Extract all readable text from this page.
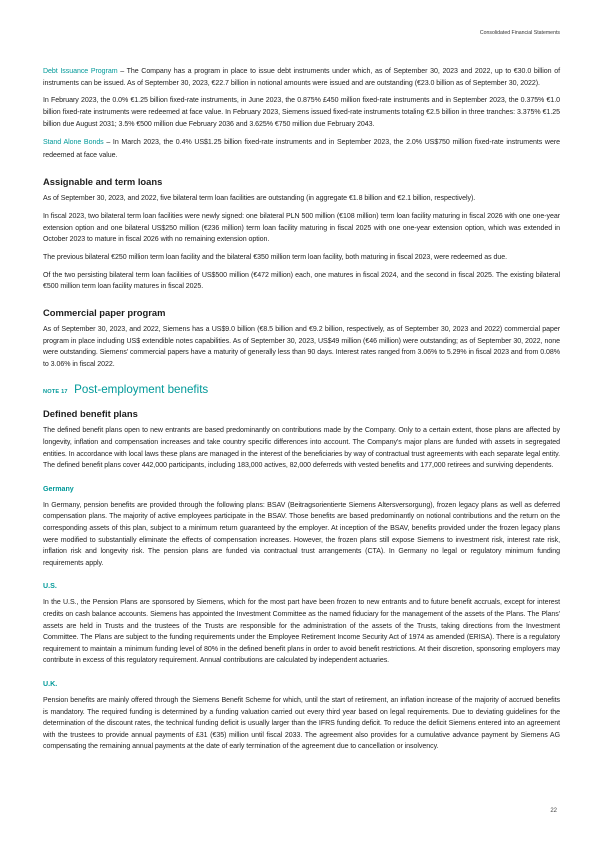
Consolidated Financial Statements

Debt Issuance Program – The Company has a program in place to issue debt instruments under which, as of September 30, 2023 and 2022, up to €30.0 billion of instruments can be issued. As of September 30, 2023, €22.7 billion in notional amounts were issued and are outstanding (€23.0 billion as of September 30, 2022).

In February 2023, the 0.0% €1.25 billion fixed-rate instruments, in June 2023, the 0.875% £450 million fixed-rate instruments and in September 2023, the 0.375% €1.0 billion fixed-rate instruments were redeemed at face value. In February 2023, Siemens issued fixed-rate instruments totaling €2.5 billion in three tranches: 3.375% €1.25 billion due August 2031; 3.5% €500 million due February 2036 and 3.625% €750 million due February 2043.

Stand Alone Bonds – In March 2023, the 0.4% US$1.25 billion fixed-rate instruments and in September 2023, the 2.0% US$750 million fixed-rate instruments were redeemed at face value.

Assignable and term loans

As of September 30, 2023, and 2022, five bilateral term loan facilities are outstanding (in aggregate €1.8 billion and €2.1 billion, respectively).

In fiscal 2023, two bilateral term loan facilities were newly signed: one bilateral PLN 500 million (€108 million) term loan facility maturing in fiscal 2026 with one one-year extension option and one bilateral US$250 million (€236 million) term loan facility maturing in fiscal 2025 with one one-year extension option, which was extended in October 2023 to mature in fiscal 2026 with no remaining extension option.

The previous bilateral €250 million term loan facility and the bilateral €350 million term loan facility, both maturing in fiscal 2023, were redeemed as due.

Of the two persisting bilateral term loan facilities of US$500 million (€472 million) each, one matures in fiscal 2024, and the second in fiscal 2025. The existing bilateral €500 million term loan facility matures in fiscal 2025.

Commercial paper program

As of September 30, 2023, and 2022, Siemens has a US$9.0 billion (€8.5 billion and €9.2 billion, respectively, as of September 30, 2023 and 2022) commercial paper program in place including US$ extendible notes capabilities. As of September 30, 2023, US$49 million (€46 million) were outstanding; as of September 30, 2022, none were outstanding. Siemens' commercial papers have a maturity of generally less than 90 days. Interest rates ranged from 3.06% to 5.29% in fiscal 2023 and from 0.08% to 3.06% in fiscal 2022.

NOTE 17 Post-employment benefits
Defined benefit plans

The defined benefit plans open to new entrants are based predominantly on contributions made by the Company. Only to a certain extent, those plans are affected by longevity, inflation and compensation increases and take country specific differences into account. The Company's major plans are funded with assets in segregated entities. In accordance with local laws these plans are managed in the interest of the beneficiaries by way of contractual trust agreements with each separate legal entity. The defined benefit plans cover 442,000 participants, including 183,000 actives, 82,000 deferreds with vested benefits and 177,000 retirees and surviving dependents.

Germany

In Germany, pension benefits are provided through the following plans: BSAV (Beitragsorientierte Siemens Altersversorgung), frozen legacy plans as well as deferred compensation plans. The majority of active employees participate in the BSAV. Those benefits are based predominantly on notional contributions and the return on the corresponding assets of this plan, subject to a minimum return guaranteed by the employer. At inception of the BSAV, benefits provided under the frozen legacy plans were modified to substantially eliminate the effects of compensation increases. However, the frozen plans still expose Siemens to investment risk, interest rate risk, inflation risk and longevity risk. The pension plans are funded via contractual trust arrangements (CTA). In Germany no legal or regulatory minimum funding requirements apply.

U.S.

In the U.S., the Pension Plans are sponsored by Siemens, which for the most part have been frozen to new entrants and to future benefit accruals, except for interest credits on cash balance accounts. Siemens has appointed the Investment Committee as the named fiduciary for the management of the assets of the Plans. The Plans' assets are held in Trusts and the trustees of the Trusts are responsible for the administration of the assets of the Trusts, taking directions from the Investment Committee. The Plans are subject to the funding requirements under the Employee Retirement Income Security Act of 1974 as amended (ERISA). There is a regulatory requirement to maintain a minimum funding level of 80% in the defined benefit plans in order to avoid benefit restrictions. At their discretion, sponsoring employers may contribute in excess of this regulatory requirement. Annual contributions are calculated by independent actuaries.

U.K.

Pension benefits are mainly offered through the Siemens Benefit Scheme for which, until the start of retirement, an inflation increase of the majority of accrued benefits is mandatory. The required funding is determined by a funding valuation carried out every third year based on legal requirements. Due to deviating guidelines for the determination of the discount rates, the technical funding deficit is usually larger than the IFRS funding deficit. To reduce the deficit Siemens entered into an agreement with the trustees to provide annual payments of £31 (€35) million until fiscal 2033. The agreement also provides for a cumulative advance payment by Siemens AG compensating the remaining annual payments at the date of early termination of the agreement due to cancellation or insolvency.

22
